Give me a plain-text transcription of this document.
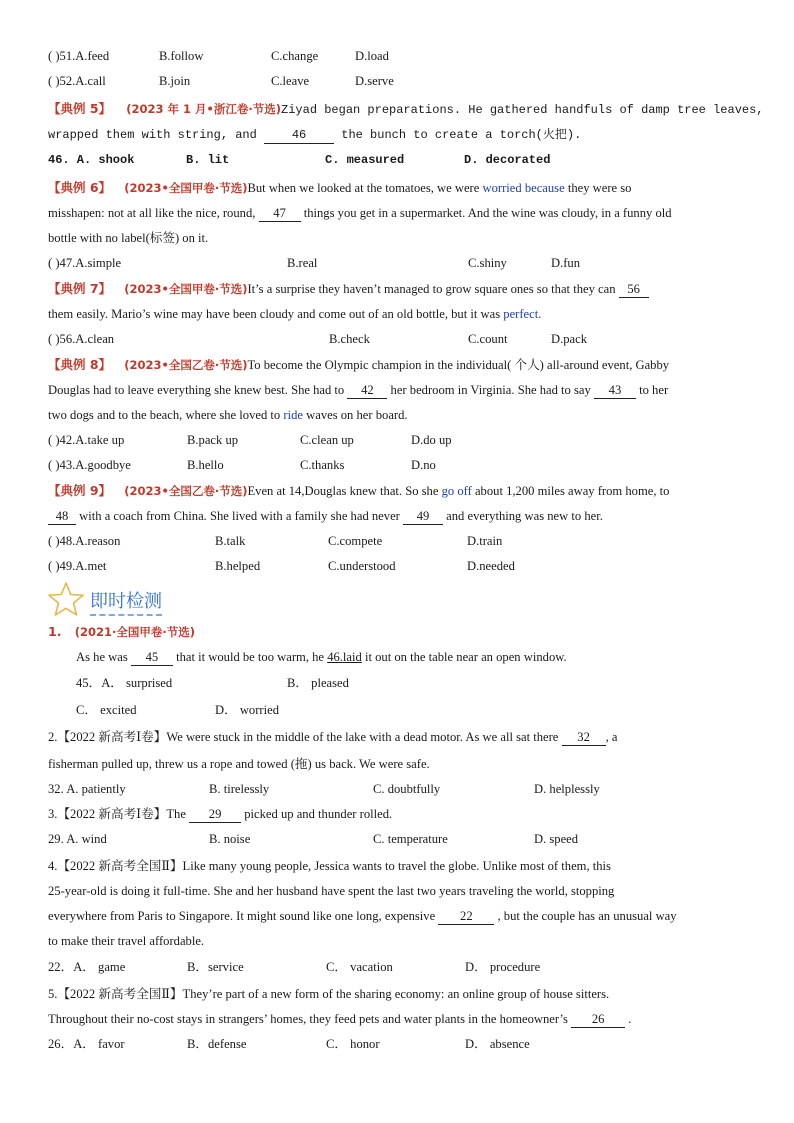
( )51.A.feed	B.follow	C.change	D.load
( )52.A.call	B.join	C.leave	D.serve
【典例 5】 (2023 年 1 月•浙江卷·节选)Ziyad began preparations. He gathered handfuls of damp tree leaves,
wrapped them with string, and	46	the bunch to create a torch(火把).
46. A. shook	B. lit	C. measured	D. decorated
【典例 6】 (2023•全国甲卷·节选)But when we looked at the tomatoes, we were worried because they were so
misshapen: not at all like the nice, round, 47 things you get in a supermarket. And the wine was cloudy, in a funny old
bottle with no label(标签) on it.
( )47.A.simple	B.real	C.shiny	D.fun
【典例 7】 (2023•全国甲卷·节选)It’s a surprise they haven’t managed to grow square ones so that they can 56
them easily. Mario’s wine may have been cloudy and come out of an old bottle, but it was perfect.
( )56.A.clean	B.check	C.count	D.pack
【典例 8】 (2023•全国乙卷·节选)To become the Olympic champion in the individual( 个人) all-around event, Gabby
Douglas had to leave everything she knew best. She had to 42 her bedroom in Virginia. She had to say 43 to her
two dogs and to the beach, where she loved to ride waves on her board.
( )42.A.take up	B.pack up	C.clean up	D.do up
( )43.A.goodbye	B.hello	C.thanks	D.no
【典例 9】 (2023•全国乙卷·节选)Even at 14,Douglas knew that. So she go off about 1,200 miles away from home, to
48 with a coach from China. She lived with a family she had never 49 and everything was new to her.
( )48.A.reason	B.talk	C.compete	D.train
( )49.A.met	B.helped	C.understood	D.needed
即时检测
1. (2021·全国甲卷·节选)
As he was 45 that it would be too warm, he 46.laid it out on the table near an open window.
45．A． surprised	B． pleased
C． excited	D． worried
2.【2022 新高考Ⅰ卷】We were stuck in the middle of the lake with a dead motor. As we all sat there 32 , a
fisherman pulled up, threw us a rope and towed (拖) us back. We were safe.
32. A. patiently	B. tirelessly	C. doubtfully	D. helplessly
3.【2022 新高考Ⅰ卷】The 29 picked up and thunder rolled.
29. A. wind	B. noise	C. temperature	D. speed
4.【2022 新高考全国Ⅱ】Like many young people, Jessica wants to travel the globe. Unlike most of them, this
25-year-old is doing it full-time. She and her husband have spent the last two years traveling the world, stopping
everywhere from Paris to Singapore. It might sound like one long, expensive 22 , but the couple has an unusual way
to make their travel affordable.
22．A． game	B．service	C． vacation	D． procedure
5.【2022 新高考全国Ⅱ】They’re part of a new form of the sharing economy: an online group of house sitters.
Throughout their no-cost stays in strangers’ homes, they feed pets and water plants in the homeowner’s 26 .
26．A． favor	B．defense	C． honor	D． absence
